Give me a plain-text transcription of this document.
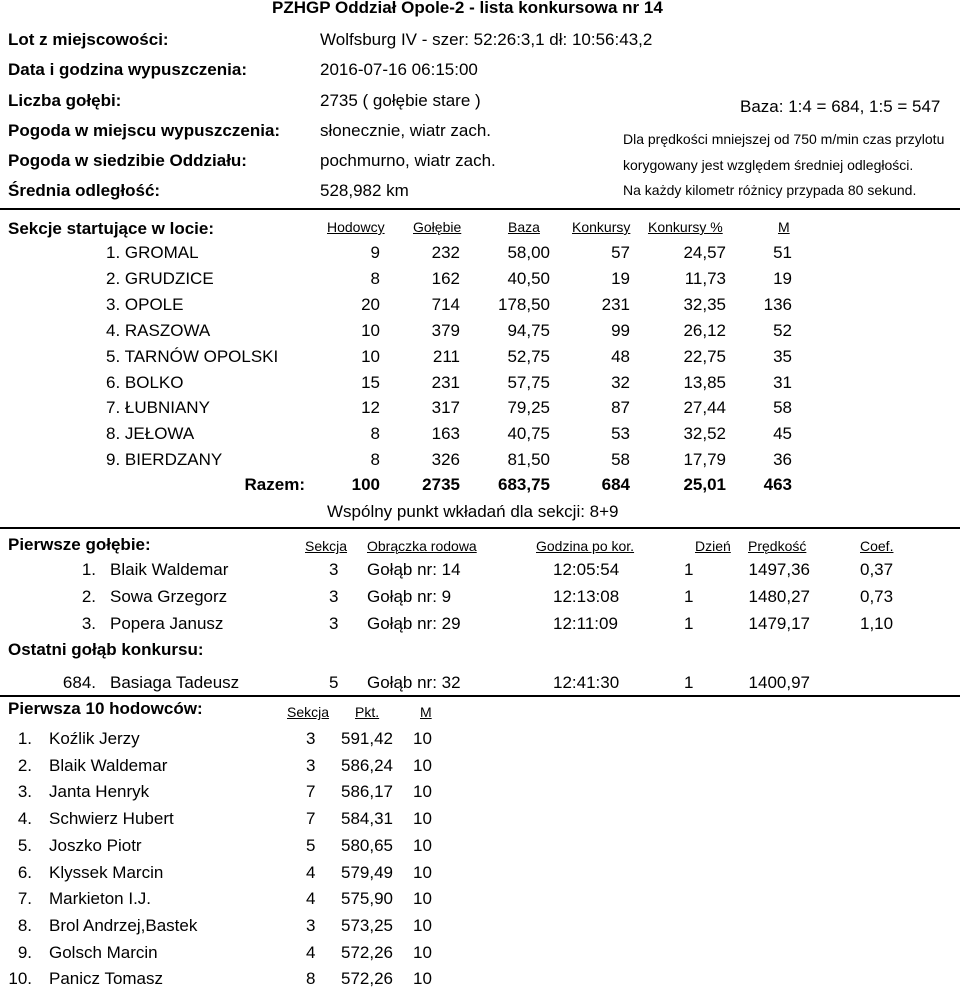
PZHGP Oddział Opole-2 - lista konkursowa nr 14
Lot z miejscowości:	Wolfsburg IV - szer: 52:26:3,1 dł: 10:56:43,2
Data i godzina wypuszczenia:	2016-07-16 06:15:00
Liczba gołębi:	2735 ( gołębie stare )
Pogoda w miejscu wypuszczenia: słonecznie, wiatr zach.
Pogoda w siedzibie Oddziału:	pochmurno, wiatr zach.
Średnia odległość:	528,982 km
Baza: 1:4 = 684, 1:5 = 547
Dla prędkości mniejszej od 750 m/min czas przylotu
korygowany jest względem średniej odległości.
Na każdy kilometr różnicy przypada 80 sekund.
Sekcje startujące w locie:	Hodowcy Gołębie	Baza Konkursy Konkursy %	M
1. GROMAL	9	232	58,00	57	24,57	51
2. GRUDZICE	8	162	40,50	19	11,73	19
3. OPOLE	20	714	178,50	231	32,35	136
4. RASZOWA	10	379	94,75	99	26,12	52
5. TARNÓW OPOLSKI	10	211	52,75	48	22,75	35
6. BOLKO	15	231	57,75	32	13,85	31
7. ŁUBNIANY	12	317	79,25	87	27,44	58
8. JEŁOWA	8	163	40,75	53	32,52	45
9. BIERDZANY	8	326	81,50	58	17,79	36
Razem:	100	2735	683,75	684	25,01	463
Wspólny punkt wkładań dla sekcji: 8+9
Pierwsze gołębie:	Sekcja Obrączka rodowa	Godzina po kor.	Dzień Prędkość	Coef.
1. Blaik Waldemar	3 Gołąb nr: 14	12:05:54	1	1497,36	0,37
2. Sowa Grzegorz	3 Gołąb nr: 9	12:13:08	1	1480,27	0,73
3. Popera Janusz	3 Gołąb nr: 29	12:11:09	1	1479,17	1,10
Ostatni gołąb konkursu:
684. Basiaga Tadeusz	5 Gołąb nr: 32	12:41:30	1	1400,97
Pierwsza 10 hodowców:	Sekcja Pkt.	M
1. Koźlik Jerzy	3	591,42 10
2. Blaik Waldemar	3	586,24 10
3. Janta Henryk	7	586,17 10
4. Schwierz Hubert	7	584,31 10
5. Joszko Piotr	5	580,65 10
6. Klyssek Marcin	4	579,49 10
7. Markieton I.J.	4	575,90 10
8. Brol Andrzej,Bastek	3	573,25 10
9. Golsch Marcin	4	572,26 10
10. Panicz Tomasz	8	572,26 10
